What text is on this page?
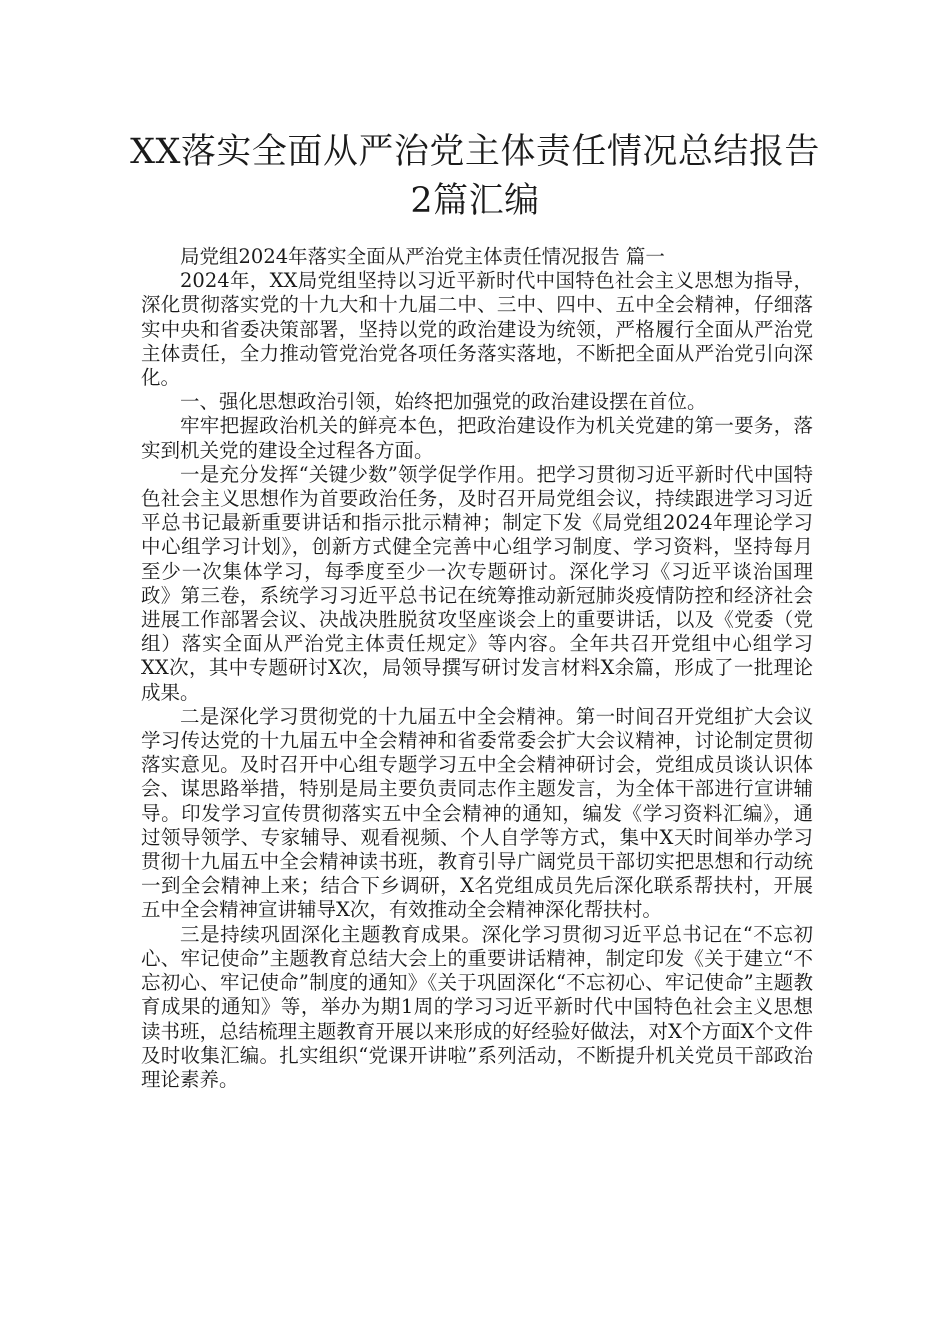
XX落实全面从严治党主体责任情况总结报告2篇汇编

局党组2024年落实全面从严治党主体责任情况报告 篇一

2024年，XX局党组坚持以习近平新时代中国特色社会主义思想为指导，深化贯彻落实党的十九大和十九届二中、三中、四中、五中全会精神，仔细落实中央和省委决策部署，坚持以党的政治建设为统领，严格履行全面从严治党主体责任，全力推动管党治党各项任务落实落地，不断把全面从严治党引向深化。

一、强化思想政治引领，始终把加强党的政治建设摆在首位。

牢牢把握政治机关的鲜亮本色，把政治建设作为机关党建的第一要务，落实到机关党的建设全过程各方面。

一是充分发挥“关键少数”领学促学作用。把学习贯彻习近平新时代中国特色社会主义思想作为首要政治任务，及时召开局党组会议，持续跟进学习习近平总书记最新重要讲话和指示批示精神；制定下发《局党组2024年理论学习中心组学习计划》，创新方式健全完善中心组学习制度、学习资料，坚持每月至少一次集体学习，每季度至少一次专题研讨。深化学习《习近平谈治国理政》第三卷，系统学习习近平总书记在统筹推动新冠肺炎疫情防控和经济社会进展工作部署会议、决战决胜脱贫攻坚座谈会上的重要讲话，以及《党委（党组）落实全面从严治党主体责任规定》等内容。全年共召开党组中心组学习 XX次，其中专题研讨X次，局领导撰写研讨发言材料X余篇，形成了一批理论成果。

二是深化学习贯彻党的十九届五中全会精神。第一时间召开党组扩大会议学习传达党的十九届五中全会精神和省委常委会扩大会议精神，讨论制定贯彻落实意见。及时召开中心组专题学习五中全会精神研讨会，党组成员谈认识体会、谋思路举措，特别是局主要负责同志作主题发言，为全体干部进行宣讲辅导。印发学习宣传贯彻落实五中全会精神的通知，编发《学习资料汇编》，通过领导领学、专家辅导、观看视频、个人自学等方式，集中X天时间举办学习贯彻十九届五中全会精神读书班，教育引导广阔党员干部切实把思想和行动统一到全会精神上来；结合下乡调研，X名党组成员先后深化联系帮扶村，开展五中全会精神宣讲辅导X次，有效推动全会精神深化帮扶村。

三是持续巩固深化主题教育成果。深化学习贯彻习近平总书记在“不忘初心、牢记使命”主题教育总结大会上的重要讲话精神，制定印发《关于建立“不忘初心、牢记使命”制度的通知》《关于巩固深化“不忘初心、牢记使命”主题教育成果的通知》等，举办为期1周的学习习近平新时代中国特色社会主义思想读书班，总结梳理主题教育开展以来形成的好经验好做法，对X个方面X个文件及时收集汇编。扎实组织“党课开讲啦”系列活动，不断提升机关党员干部政治理论素养。
